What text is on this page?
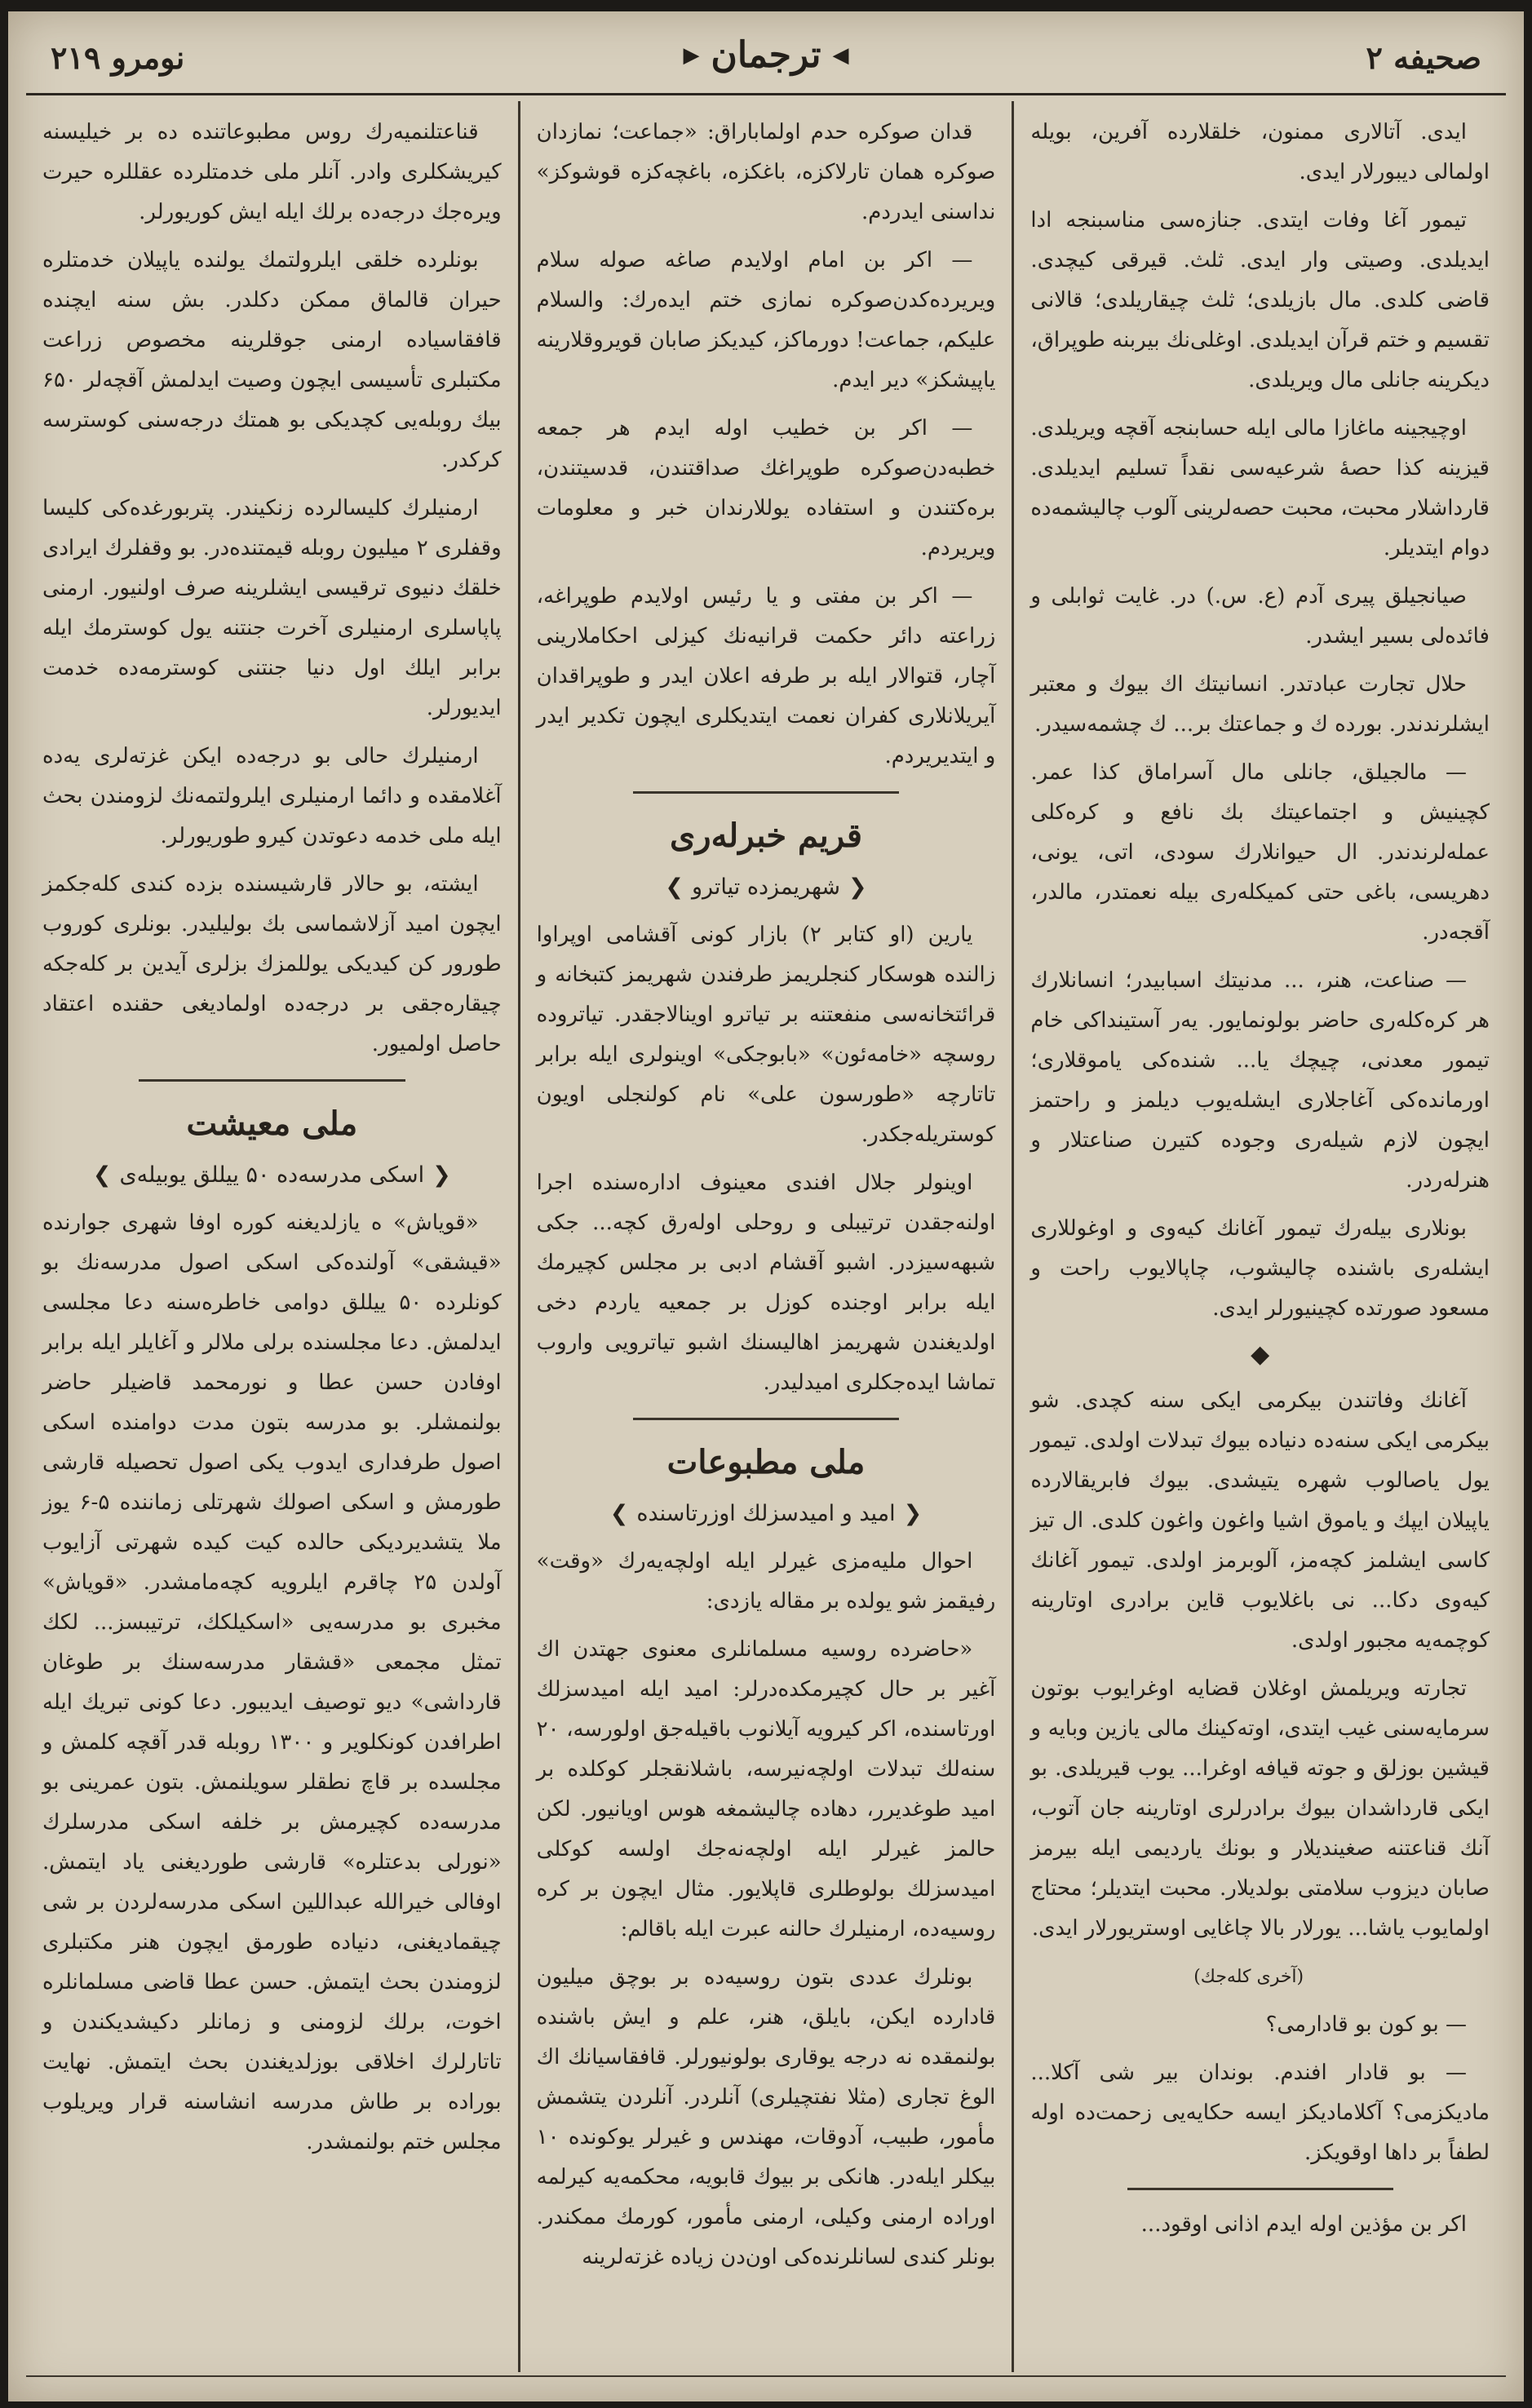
صحیفه ۲
◀
ترجمان
▶
نومرو ۲۱۹

ایدی. آتالاری ممنون، خلقلارده آفرین، بویله اولمالی دیبورلار ایدی.

تیمور آغا وفات ایتدی. جنازه‌سی مناسبنجه ادا ایدیلدی. وصیتی وار ایدی. ثلث. قیرقی کیچدی. قاضی کلدی. مال بازیلدی؛ ثلث چیقاریلدی؛ قالانی تقسیم و ختم قرآن ایدیلدی. اوغلی‌نك بیربنه طوپراق، دیکرینه جانلی مال ویریلدی.

اوچیجینه ماغازا مالی ایله حسابنجه آقچه ویریلدی. قیزینه کذا حصهٔ شرعیه‌سی نقداً تسلیم ایدیلدی. قارداشلار محبت، محبت حصه‌لرینی آلوب چالیشمه‌ده دوام ایتدیلر.

صیانجیلق پیری آدم (ع. س.) در. غایت ثوابلی و فائده‌لی بسیر ایشدر.

حلال تجارت عبادتدر. انسانیتك اك بیوك و معتبر ایشلرندندر. بورده ك و جماعتك بر... ك چشمه‌سیدر.

— مالجیلق، جانلی مال آسراماق کذا عمر. کچینیش و اجتماعیتك بك نافع و کره‌کلی عمله‌لرندندر. ال حیوانلارك سودی، اتی، یونی، دهریسی، باغی حتی کمیکله‌ری بیله نعمتدر، مالدر، آقجه‌در.

— صناعت، هنر، ... مدنیتك اسبابیدر؛ انسانلارك هر کره‌كله‌ری حاضر بولونمایور. یه‌ر آستینداکی خام تیمور معدنی، چیچك یا... شنده‌کی یاموقلاری؛ اورمانده‌کی آغاجلاری ایشله‌یوب دیلمز و راحتمز ایچون لازم شیله‌ری وجوده کتیرن صناعتلار و هنرله‌ردر.

بونلاری بیله‌رك تیمور آغانك کیه‌وی و اوغوللاری ایشله‌ری باشنده چالیشوب، چاپالایوب راحت و مسعود صورتده کچینیورلر ایدی.

◆

آغانك وفاتندن بیکرمی ایکی سنه کچدی. شو بیکرمی ایکی سنه‌ده دنیاده بیوك تبدلات اولدی. تیمور یول یاصالوب شهره یتیشدی. بیوك فابریقالارده یاپیلان ایپك و یاموق اشیا واغون واغون کلدی. ال تیز کاسی ایشلمز کچه‌مز، آلوبرمز اولدی. تیمور آغانك کیه‌وی دکا... نی باغلایوب قاین برادری اوتارینه کوچمه‌یه مجبور اولدی.

تجارته ویریلمش اوغلان قضایه اوغرایوب بوتون سرمایه‌سنی غیب ایتدی، اوته‌کینك مالی یازین وبایه و قیشین بوزلق و جوته قیافه اوغرا... یوب قیریلدی. بو ایکی قارداشدان بیوك برادرلری اوتارینه جان آتوب، آنك قناعتنه صغیندیلار و بونك یاردیمی ایله بیرمز صابان دیزوب سلامتی بولدیلار. محبت ایتدیلر؛ محتاج اولمایوب یاشا... یورلار بالا چاغایی اوستریورلار ایدی.

(آخری کله‌جك)

— بو کون بو قادارمی؟

— بو قادار افندم. بوندان بیر شی آکلا... مادیکزمی؟ آکلامادیکز ایسه حکایه‌یی زحمت‌ده اوله لطفاً بر داها اوقویکز.

اکر بن مؤذین اوله ایدم اذانی اوقود...

قدان صوکره حدم اولماباراق: «جماعت؛ نمازدان صوکره همان تارلاکزه، باغکزه، باغچه‌کزه قوشوکز» نداسنی ایدردم.

— اکر بن امام اولایدم صاغه صوله سلام ویریرده‌کدن‌صوکره نمازی ختم ایده‌رك: والسلام علیکم، جماعت! دورماکز، کیدیکز صابان قویروقلارینه یاپیشکز» دیر ایدم.

— اکر بن خطیب اوله ایدم هر جمعه خطبه‌دن‌صوکره طوپراغك صداقتندن، قدسیتندن، بره‌کتندن و استفاده یوللارندان خبر و معلومات ویریردم.

— اکر بن مفتی و یا رئیس اولایدم طوپراغه، زراعته دائر حکمت قرانیه‌نك کیزلی احکاملارینی آچار، قتوالار ایله بر طرفه اعلان ایدر و طوپراقدان آیریلانلاری کفران نعمت ایتدیکلری ایچون تکدیر ایدر و ایتدیریردم.

قریم خبرله‌ری
❮
شهریمزده تیاترو
❯

یارین (او کتابر ۲) بازار کونی آقشامی اوپراوا زالنده هوسکار کنجلریمز طرفندن شهریمز کتبخانه و قرائتخانه‌سی منفعتنه بر تیاترو اوینالاجقدر. تیاترو‌ده روسچه «خامه‌ئون» «بابوجکی» اوینولری ایله برابر تاتارچه «طورسون علی» نام کولنجلی اویون کوستریله‌جکدر.

اوینولر جلال افندی معینوف اداره‌سنده اجرا اولنه‌جقدن ترتیبلی و روحلی اوله‌رق کچه‌... جکی شبهه‌سیزدر. اشبو آقشام ادبی بر مجلس کچیرمك ایله برابر اوجنده کوزل بر جمعیه یاردم دخی اولدیغندن شهریمز اهالیسنك اشبو تیاترویی واروب تماشا ایده‌جکلری امیدلیدر.

ملی مطبوعات
❮
امید و امیدسزلك اوزرتاسنده
❯

احوال ملیه‌مزی غیرلر ایله اولچه‌یه‌رك «وقت» رفیقمز شو یولده بر مقاله یازدی:

«حاضرده روسیه مسلمانلری معنوی جهتدن اك آغیر بر حال کچیرمکده‌درلر: امید ایله امیدسزلك اورتاسنده، اکر کیرویه آیلانوب باقیله‌جق اولورسه، ۲۰ سنه‌لك تبدلات اولچه‌نیرسه، باشلانقجلر کوکلده بر امید طوغدیرر، دهاده چالیشمغه هوس اویانیور. لکن حالمز غیرلر ایله اولچه‌نه‌جك اولسه کوکلی امیدسزلك بولوطلری قاپلایور. مثال ایچون بر کره روسیه‌ده، ارمنیلرك حالنه عبرت ایله باقالم:

بونلرك عددی بتون روسیه‌ده بر بوچق میلیون قادارده ایکن، بایلق، هنر، علم و ایش باشنده بولنمقده نه درجه یوقاری بولونیورلر. قافقاسیانك اك الوغ تجاری (مثلا نفتچیلری) آنلردر. آنلردن یتشمش مأمور، طبیب، آدوقات، مهندس و غیرلر یوکونده ۱۰ بیکلر ایله‌در. هانکی بر بیوك قابویه، محکمه‌یه کیرلمه اوراده ارمنی وکیلی، ارمنی مأمور، کورمك ممکندر. بونلر کندی لسانلرنده‌کی اون‌دن زیاده غزته‌لرینه

قناعتلنمیه‌رك روس مطبوعاتنده ده بر خیلیسنه کیریشکلری وادر. آنلر ملی خدمتلرده عقللره حیرت ویره‌جك درجه‌ده برلك ایله ایش کوریورلر.

بونلرده خلقی ایلرولتمك یولنده یاپیلان خدمتلره حیران قالماق ممکن دکلدر. بش سنه ایچنده قافقاسیاده ارمنی جوقلرینه مخصوص زراعت مکتبلری تأسیسی ایچون وصیت ایدلمش آقچه‌لر ۶۵۰ بیك روبله‌یی کچدیکی بو همتك درجه‌سنی کوسترسه کرکدر.

ارمنیلرك کلیسالرده زنکیندر. پتربورغده‌کی کلیسا وقفلری ۲ میلیون روبله قیمتنده‌در. بو وقفلرك ایرادی خلقك دنیوی ترقیسی ایشلرینه صرف اولنیور. ارمنی پاپاسلری ارمنیلری آخرت جنتنه یول کوسترمك ایله برابر ایلك اول دنیا جنتنی کوسترمه‌ده خدمت ایدیورلر.

ارمنیلرك حالی بو درجه‌ده ایکن غزته‌لری یه‌ده آغلامقده و دائما ارمنیلری ایلرولتمه‌نك لزومندن بحث ایله ملی خدمه دعوتدن کیرو طوریورلر.

ایشته، بو حالار قارشیسنده بزده کندی کله‌جکمز ایچون امید آزلاشماسی بك بولیلیدر. بونلری کوروب طورور کن کیدیکی یوللمزك بزلری آیدین بر کله‌جکه چیقاره‌جقی بر درجه‌ده اولمادیغی حقنده اعتقاد حاصل اولمیور.

ملی معیشت
❮
اسکی مدرسه‌ده ۵۰ ییللق یوبیله‌ی
❯

«قویاش» ه یازلدیغنه کوره اوفا شهری جوارنده «قیشقی» آولنده‌کی اسکی اصول مدرسه‌نك بو کونلرده ۵۰ ییللق دوامی خاطره‌سنه دعا مجلسی ایدلمش. دعا مجلسنده برلی ملالر و آغایلر ایله برابر اوفادن حسن عطا و نورمحمد قاضیلر حاضر بولنمشلر. بو مدرسه بتون مدت دوامنده اسکی اصول طرفداری ایدوب یکی اصول تحصیله قارشی طورمش و اسکی اصولك شهرتلی زماننده ۵-۶ یوز ملا یتشدیردیکی حالده کیت کیده شهرتی آزایوب آولدن ۲۵ چاقرم ایلرویه کچه‌مامشدر. «قویاش» مخبری بو مدرسه‌یی «اسکیلکك، ترتیبسز... لکك تمثل مجمعی «قشقار مدرسه‌سنك بر طوغان قارداشی» دیو توصیف ایدیبور. دعا کونی تبریك ایله اطرافدن کونکلویر و ۱۳۰۰ روبله قدر آقچه کلمش و مجلسده بر قاچ نطقلر سویلنمش. بتون عمرینی بو مدرسه‌ده کچیرمش بر خلفه اسکی مدرسلرك «نورلی بدعتلره» قارشی طوردیغنی یاد ایتمش. اوفالی خیرالله عبداللین اسکی مدرسه‌لردن بر شی چیقمادیغنی، دنیاده طورمق ایچون هنر مکتبلری لزومندن بحث ایتمش. حسن عطا قاضی مسلمانلره اخوت، برلك لزومنی و زمانلر دکیشدیکندن و تاتارلرك اخلاقی بوزلدیغندن بحث ایتمش. نهایت بوراده بر طاش مدرسه انشاسنه قرار ویریلوب مجلس ختم بولنمشدر.
